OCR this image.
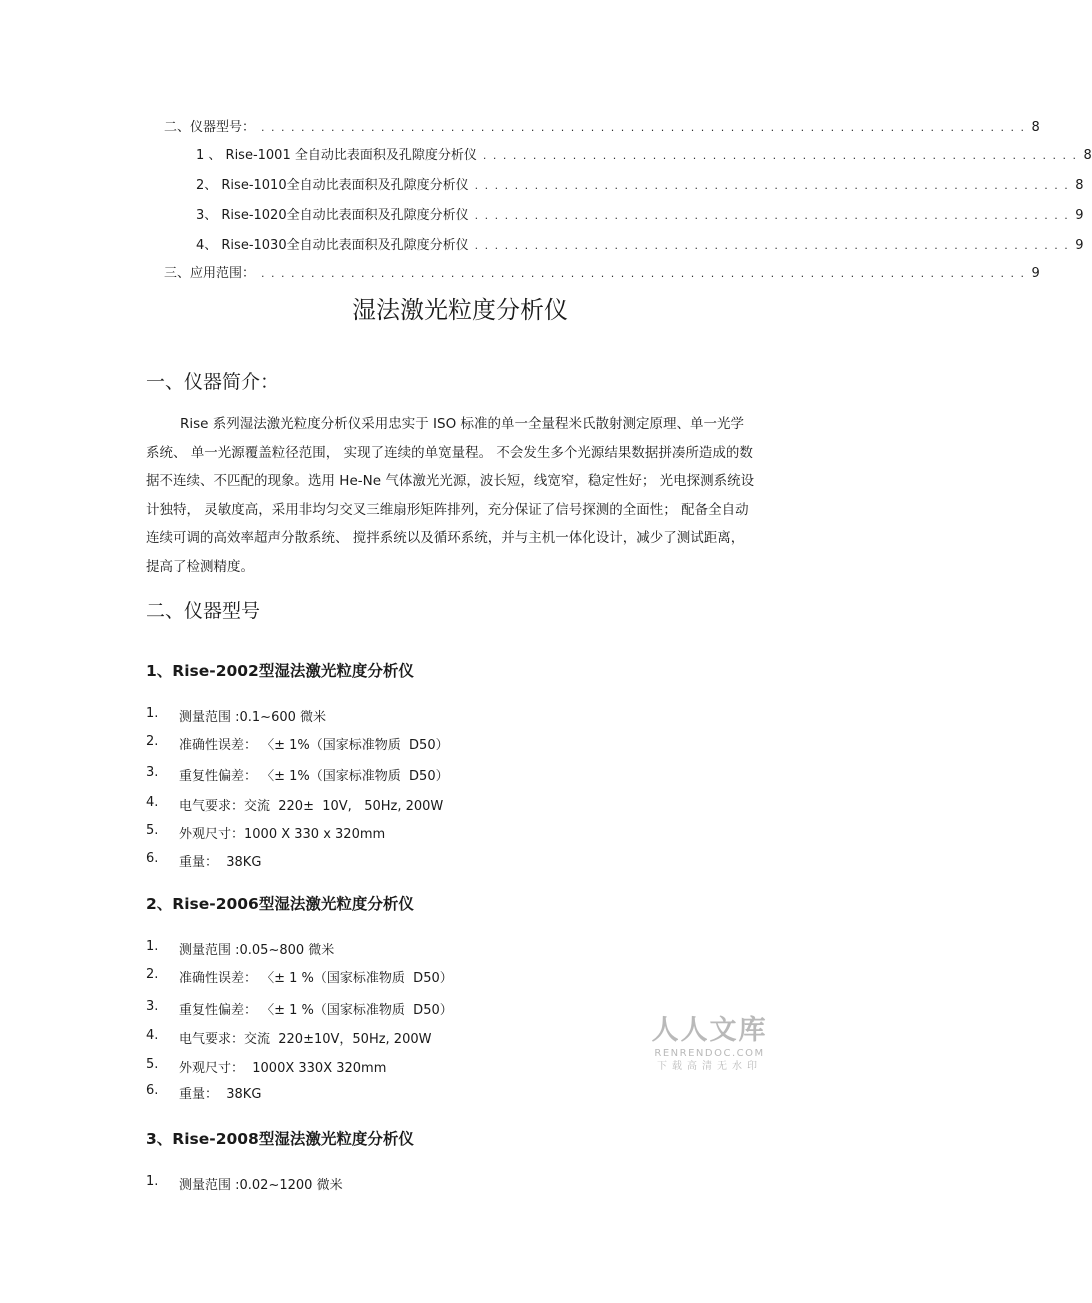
二、仪器型号： . . . . . . . . . . . . . . . . . . . . . . . . . . . . . . . . . . . . . . . . . . . . . . . . . . . . . . . . . . . . . . . . . . . . . . . . . . . . . 8
1 、 Rise-1001 全自动比表面积及孔隙度分析仪 . . . . . . . . . . . . . . . . . . . . . . . . . . . . . . . . . . . . . . . . . . . . . . . . . . . . . . . . . . . . 8
2、 Rise-1010全自动比表面积及孔隙度分析仪 . . . . . . . . . . . . . . . . . . . . . . . . . . . . . . . . . . . . . . . . . . . . . . . . . . . . . . . . . . . . 8
3、 Rise-1020全自动比表面积及孔隙度分析仪 . . . . . . . . . . . . . . . . . . . . . . . . . . . . . . . . . . . . . . . . . . . . . . . . . . . . . . . . . . . . 9
4、 Rise-1030全自动比表面积及孔隙度分析仪 . . . . . . . . . . . . . . . . . . . . . . . . . . . . . . . . . . . . . . . . . . . . . . . . . . . . . . . . . . . . 9
三、应用范围： . . . . . . . . . . . . . . . . . . . . . . . . . . . . . . . . . . . . . . . . . . . . . . . . . . . . . . . . . . . . . . . . . . . . . . . . . . . . . 9
湿法激光粒度分析仪
一、仪器简介：

Rise 系列湿法激光粒度分析仪采用忠实于 ISO 标准的单一全量程米氏散射测定原理、单一光学系统、 单一光源覆盖粒径范围， 实现了连续的单宽量程。 不会发生多个光源结果数据拼凑所造成的数据不连续、不匹配的现象。选用 He-Ne 气体激光光源，波长短，线宽窄，稳定性好； 光电探测系统设计独特， 灵敏度高，采用非均匀交叉三维扇形矩阵排列，充分保证了信号探测的全面性； 配备全自动连续可调的高效率超声分散系统、 搅拌系统以及循环系统，并与主机一体化设计，减少了测试距离，提高了检测精度。

二、仪器型号
1、Rise-2002型湿法激光粒度分析仪
1.	测量范围 :0.1~600 微米
2.	准确性误差： 〈± 1%（国家标准物质  D50）
3.	重复性偏差： 〈± 1%（国家标准物质  D50）
4.	电气要求：交流  220±  10V,   50Hz, 200W
5.	外观尺寸：1000 X 330 x 320mm
6.	重量：  38KG
2、Rise-2006型湿法激光粒度分析仪
1.	测量范围 :0.05~800 微米
2.	准确性误差： 〈± 1 %（国家标准物质  D50）
3.	重复性偏差： 〈± 1 %（国家标准物质  D50）
4.	电气要求：交流  220±10V，50Hz, 200W
5.	外观尺寸：  1000X 330X 320mm
6.	重量：  38KG
3、Rise-2008型湿法激光粒度分析仪
1.	测量范围 :0.02~1200 微米
人人文库
RENRENDOC.COM
下载高清无水印
